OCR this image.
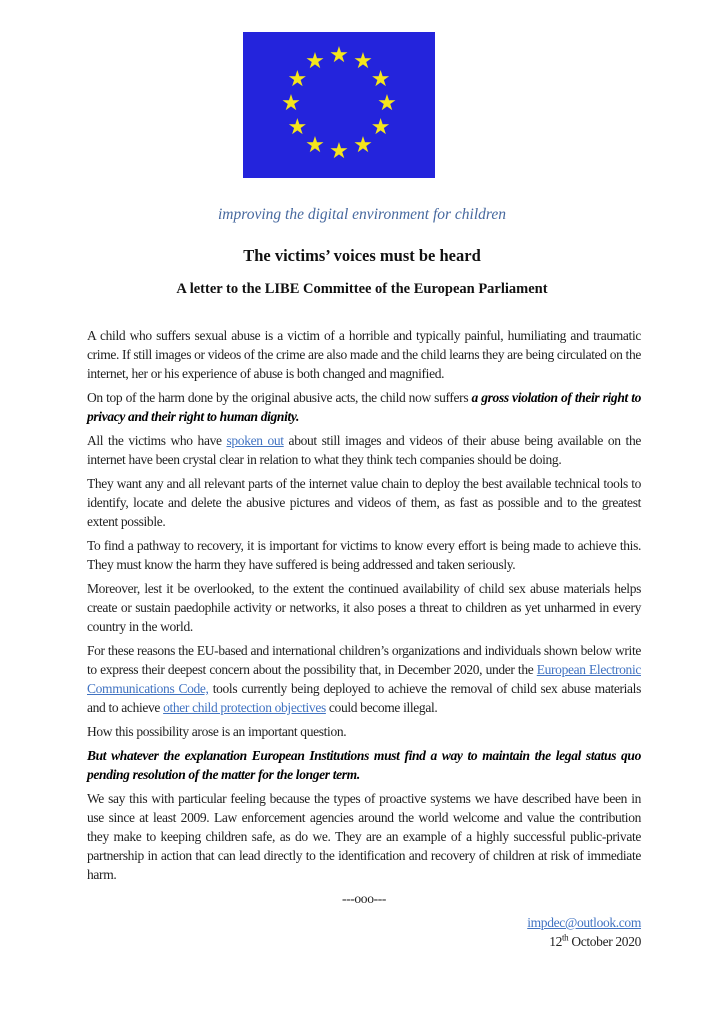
★ ★
★
★
★
★
★
★
★
★
★
★
improving the digital environment for children
The victims’ voices must be heard
A letter to the LIBE Committee of the European Parliament

A child who suffers sexual abuse is a victim of a horrible and typically painful, humiliating and traumatic crime. If still images or videos of the crime are also made and the child learns they are being circulated on the internet, her or his experience of abuse is both changed and magnified.

On top of the harm done by the original abusive acts, the child now suffers a gross violation of their right to privacy and their right to human dignity.

All the victims who have spoken out about still images and videos of their abuse being available on the internet have been crystal clear in relation to what they think tech companies should be doing.

They want any and all relevant parts of the internet value chain to deploy the best available technical tools to identify, locate and delete the abusive pictures and videos of them, as fast as possible and to the greatest extent possible.

To find a pathway to recovery, it is important for victims to know every effort is being made to achieve this. They must know the harm they have suffered is being addressed and taken seriously.

Moreover, lest it be overlooked, to the extent the continued availability of child sex abuse materials helps create or sustain paedophile activity or networks, it also poses a threat to children as yet unharmed in every country in the world.

For these reasons the EU-based and international children’s organizations and individuals shown below write to express their deepest concern about the possibility that, in December 2020, under the European Electronic Communications Code, tools currently being deployed to achieve the removal of child sex abuse materials and to achieve other child protection objectives could become illegal.

How this possibility arose is an important question.

But whatever the explanation European Institutions must find a way to maintain the legal status quo pending resolution of the matter for the longer term.

We say this with particular feeling because the types of proactive systems we have described have been in use since at least 2009. Law enforcement agencies around the world welcome and value the contribution they make to keeping children safe, as do we. They are an example of a highly successful public-private partnership in action that can lead directly to the identification and recovery of children at risk of immediate harm.

---ooo---

impdec@outlook.com
12th October 2020
